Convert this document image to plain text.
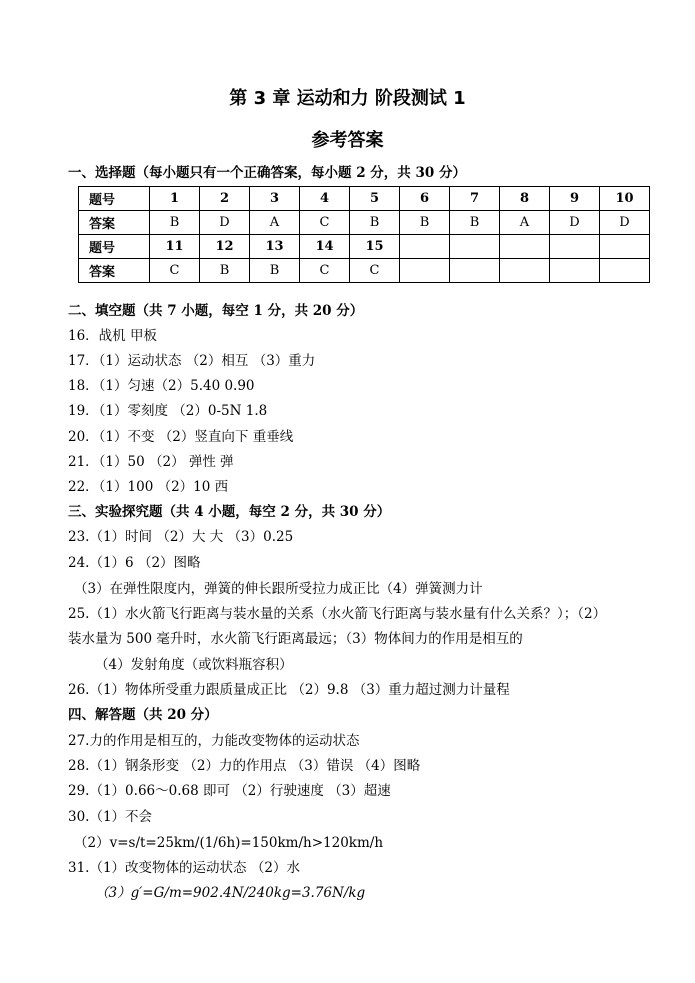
第 3 章 运动和力 阶段测试 1
参考答案
一、选择题（每小题只有一个正确答案，每小题 2 分，共 30 分）
题号	1	2	3	4	5	6	7	8	9	10
答案	B	D	A	C	B	B	B	A	D	D
题号	11	12	13	14	15					
答案	C	B	B	C	C					
二、填空题（共 7 小题，每空 1 分，共 20 分）
16．战机 甲板
17．（1）运动状态 （2）相互 （3）重力
18．（1）匀速（2）5.40 0.90
19．（1）零刻度 （2）0-5N 1.8
20．（1）不变 （2）竖直向下 重垂线
21．（1）50 （2） 弹性 弹
22．（1）100 （2）10 西
三、实验探究题（共 4 小题，每空 2 分，共 30 分）
23.（1）时间 （2）大 大 （3）0.25
24.（1）6 （2）图略
（3）在弹性限度内，弹簧的伸长跟所受拉力成正比（4）弹簧测力计
25.（1）水火箭飞行距离与装水量的关系（水火箭飞行距离与装水量有什么关系？）；（2）
装水量为 500 毫升时，水火箭飞行距离最远；（3）物体间力的作用是相互的
（4）发射角度（或饮料瓶容积）
26.（1）物体所受重力跟质量成正比 （2）9.8 （3）重力超过测力计量程
四、解答题（共 20 分）
27.力的作用是相互的，力能改变物体的运动状态
28.（1）钢条形变 （2）力的作用点 （3）错误 （4）图略
29.（1）0.66～0.68 即可 （2）行驶速度 （3）超速
30.（1）不会
（2）v=s/t=25km/(1/6h)=150km/h>120km/h
31.（1）改变物体的运动状态 （2）水
（3）g′=G/m=902.4N/240kg=3.76N/kg
